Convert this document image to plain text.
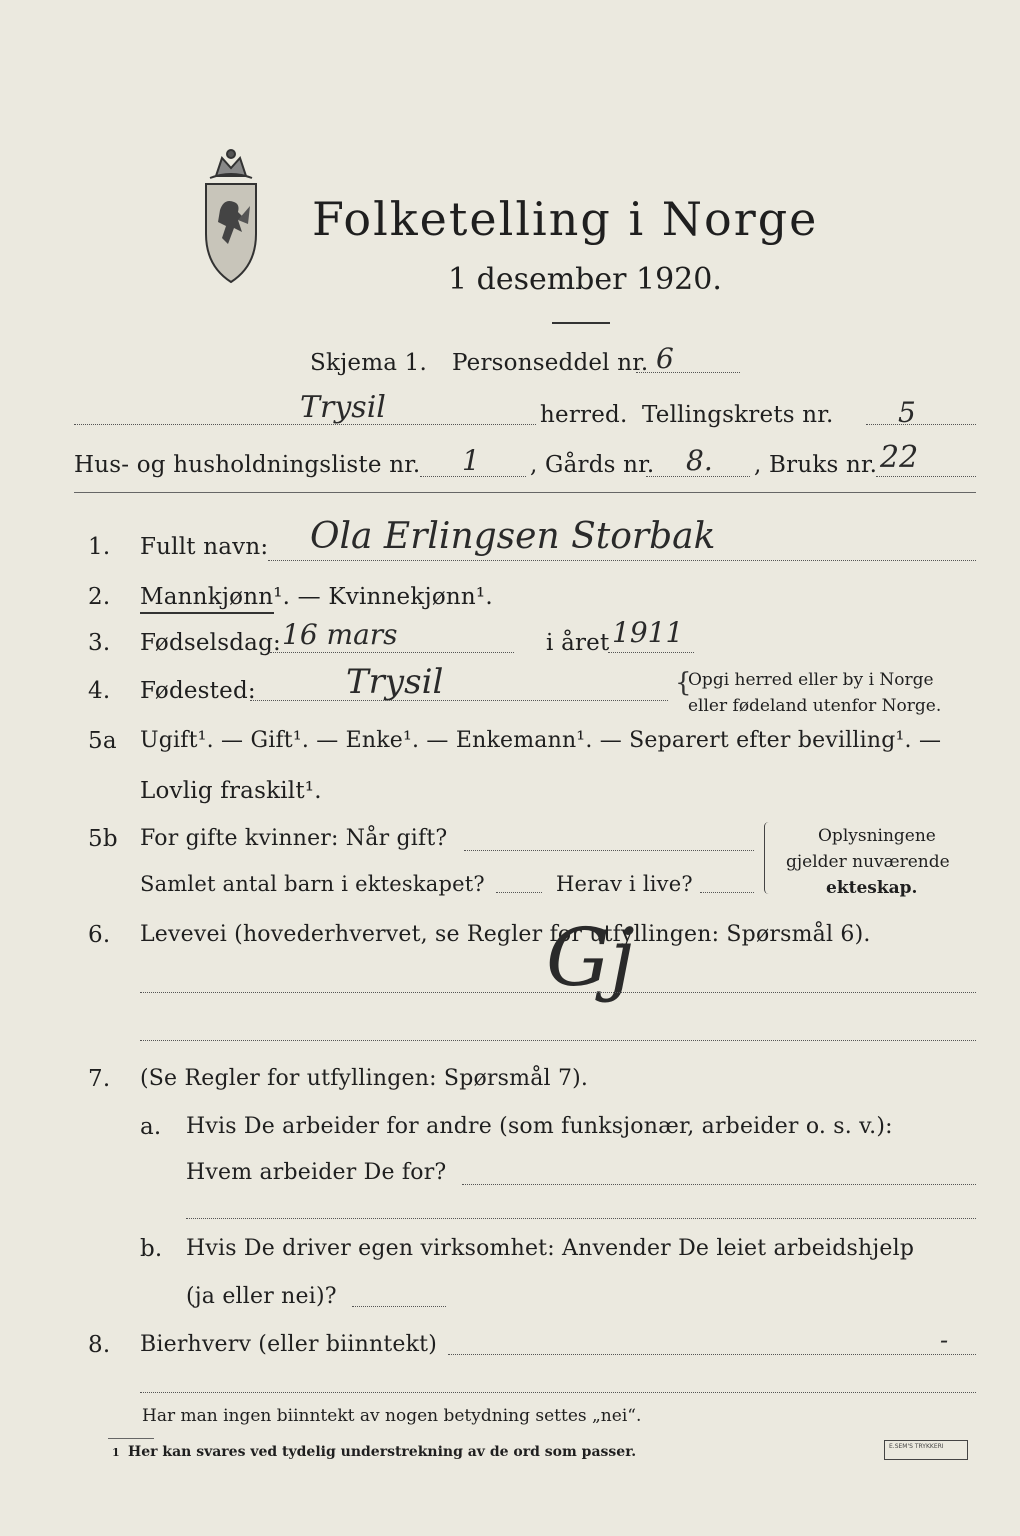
Folketelling i Norge
1 desember 1920.
Skjema 1. Personseddel nr. 6
Trysil	herred. Tellingskrets nr. 5
Hus- og husholdningsliste nr. 1 , Gårds nr. 8. , Bruks nr. 22
1. Fullt navn: Ola Erlingsen Storbak
2. Mannkjønn¹. — Kvinnekjønn¹.
3. Fødselsdag: 16 mars	i året 1911
4. Fødested:	Trysil	{
Opgi herred eller by i Norge
eller fødeland utenfor Norge.
5a Ugift¹. — Gift¹. — Enke¹. — Enkemann¹. — Separert efter bevilling¹. —
Lovlig fraskilt¹.
5b For gifte kvinner: Når gift?
Samlet antal barn i ekteskapet?	Herav i live?
Oplysningene
gjelder nuværende
ekteskap.
6. Levevei (hovederhvervet, se Regler for utfyllingen: Spørsmål 6).
Gj
7. (Se Regler for utfyllingen: Spørsmål 7).
a. Hvis De arbeider for andre (som funksjonær, arbeider o. s. v.):
Hvem arbeider De for?
b. Hvis De driver egen virksomhet: Anvender De leiet arbeidshjelp
(ja eller nei)?
8. Bierhverv (eller biinntekt)	-
Har man ingen biinntekt av nogen betydning settes „nei“.
1 Her kan svares ved tydelig understrekning av de ord som passer.	E.SEM'S TRYKKERI
